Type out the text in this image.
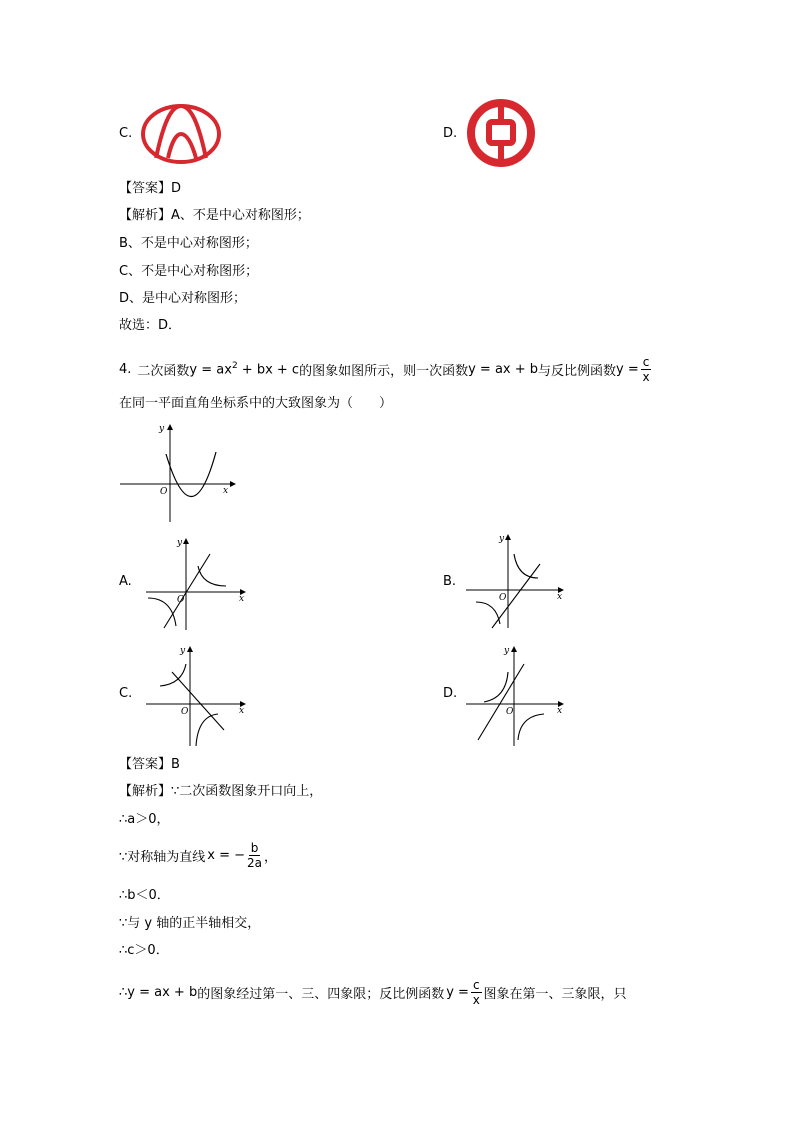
C.	D.
【答案】D
【解析】A、不是中心对称图形；
B、不是中心对称图形；
C、不是中心对称图形；
D、是中心对称图形；
故选：D．
4. 二次函数 $y = ax^2$ + bx + c 的图象如图所示，则一次函数 y = ax + b 与反比例函数 $y = \frac{c}{x}$
在同一平面直角坐标系中的大致图象为（　　）
y
x
O
A.
y
x
O
B.
y
x
O
C.
y
x
O
D.
y
x
O
【答案】B
【解析】∵二次函数图象开口向上，
∴a＞0，
∵对称轴为直线 x = − $\frac{b}{2a}$ ，
∴b＜0．
∵与 y 轴的正半轴相交，
∴c＞0．
∴ y = ax + b 的图象经过第一、三、四象限；反比例函数 $y = \frac{c}{x}$ 图象在第一、三象限，只
